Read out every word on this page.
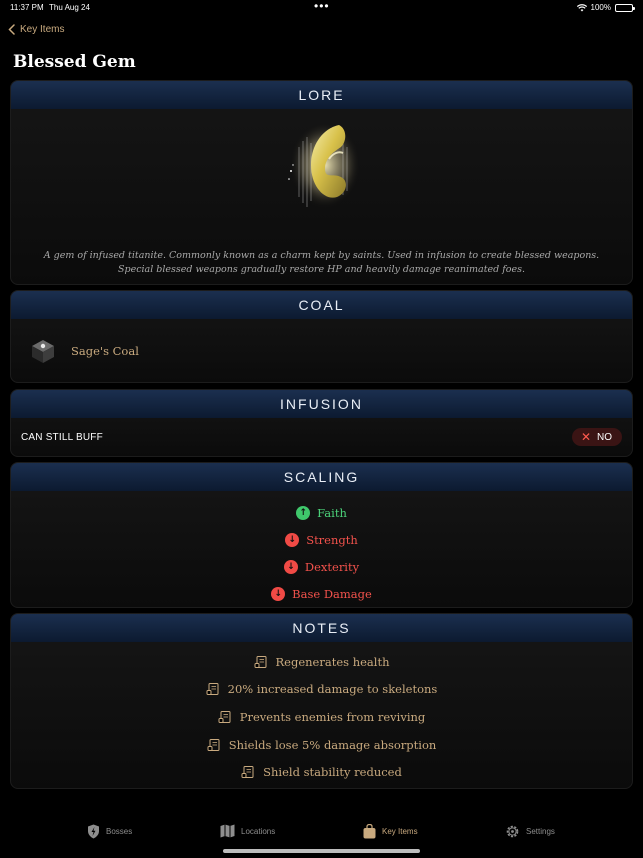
11:37 PM Thu Aug 24	•••	100%
Key Items
Blessed Gem
LORE

A gem of infused titanite. Commonly known as a charm kept by saints. Used in infusion to create blessed weapons. Special blessed weapons gradually restore HP and heavily damage reanimated foes.

COAL
Sage's Coal
INFUSION
CAN STILL BUFF	✕ NO
SCALING
↑ Faith
↓ Strength
↓ Dexterity
↓ Base Damage
NOTES
Regenerates health
20% increased damage to skeletons
Prevents enemies from reviving
Shields lose 5% damage absorption
Shield stability reduced
Bosses	Locations	Key Items	Settings
